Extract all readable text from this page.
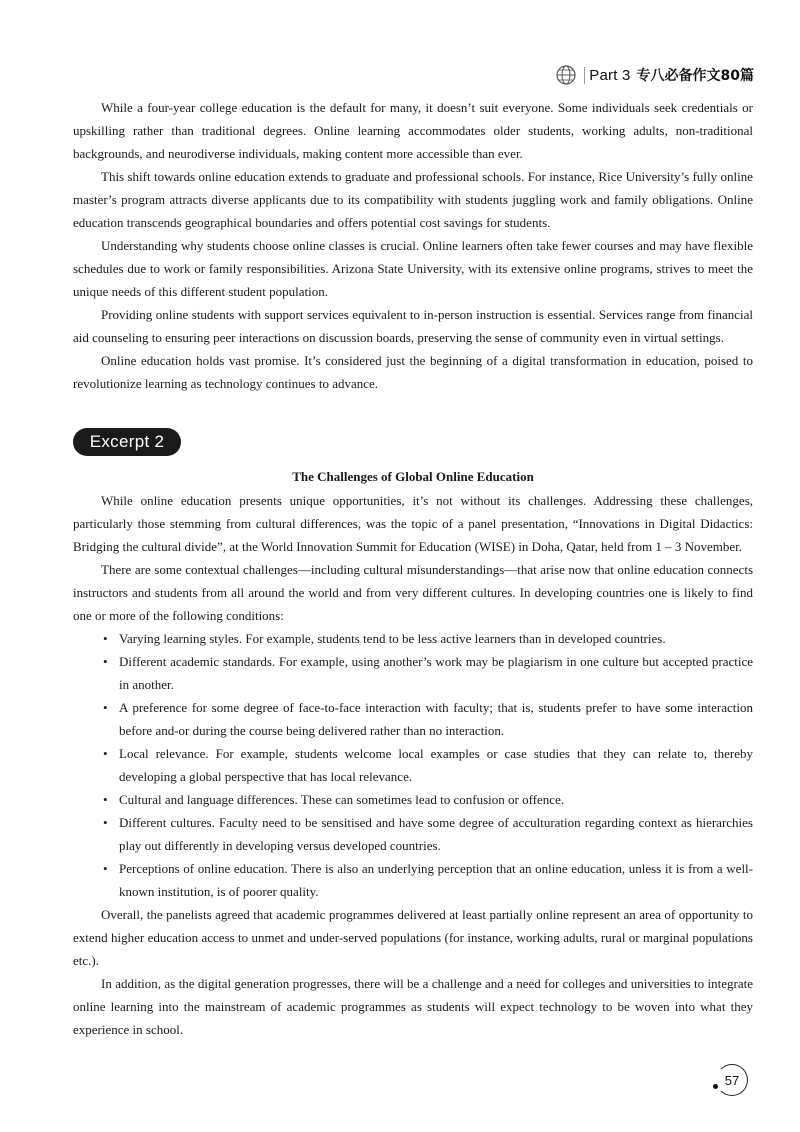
Part 3 专八必备作文80篇

While a four-year college education is the default for many, it doesn’t suit everyone. Some individuals seek credentials or upskilling rather than traditional degrees. Online learning accommodates older students, working adults, non-traditional backgrounds, and neurodiverse individuals, making content more accessible than ever.

This shift towards online education extends to graduate and professional schools. For instance, Rice University’s fully online master’s program attracts diverse applicants due to its compatibility with students juggling work and family obligations. Online education transcends geographical boundaries and offers potential cost savings for students.

Understanding why students choose online classes is crucial. Online learners often take fewer courses and may have flexible schedules due to work or family responsibilities. Arizona State University, with its extensive online programs, strives to meet the unique needs of this different student population.

Providing online students with support services equivalent to in-person instruction is essential. Services range from financial aid counseling to ensuring peer interactions on discussion boards, preserving the sense of community even in virtual settings.

Online education holds vast promise. It’s considered just the beginning of a digital transformation in education, poised to revolutionize learning as technology continues to advance.

Excerpt 2
The Challenges of Global Online Education

While online education presents unique opportunities, it’s not without its challenges. Addressing these challenges, particularly those stemming from cultural differences, was the topic of a panel presentation, “Innovations in Digital Didactics: Bridging the cultural divide”, at the World Innovation Summit for Education (WISE) in Doha, Qatar, held from 1 – 3 November.

There are some contextual challenges—including cultural misunderstandings—that arise now that online education connects instructors and students from all around the world and from very different cultures. In developing countries one is likely to find one or more of the following conditions:

• Varying learning styles. For example, students tend to be less active learners than in developed countries.
• Different academic standards. For example, using another’s work may be plagiarism in one culture but accepted practice in another.
• A preference for some degree of face-to-face interaction with faculty; that is, students prefer to have some interaction before and-or during the course being delivered rather than no interaction.
• Local relevance. For example, students welcome local examples or case studies that they can relate to, thereby developing a global perspective that has local relevance.
• Cultural and language differences. These can sometimes lead to confusion or offence.
• Different cultures. Faculty need to be sensitised and have some degree of acculturation regarding context as hierarchies play out differently in developing versus developed countries.
• Perceptions of online education. There is also an underlying perception that an online education, unless it is from a well-known institution, is of poorer quality.

Overall, the panelists agreed that academic programmes delivered at least partially online represent an area of opportunity to extend higher education access to unmet and under-served populations (for instance, working adults, rural or marginal populations etc.).

In addition, as the digital generation progresses, there will be a challenge and a need for colleges and universities to integrate online learning into the mainstream of academic programmes as students will expect technology to be woven into what they experience in school.

57
